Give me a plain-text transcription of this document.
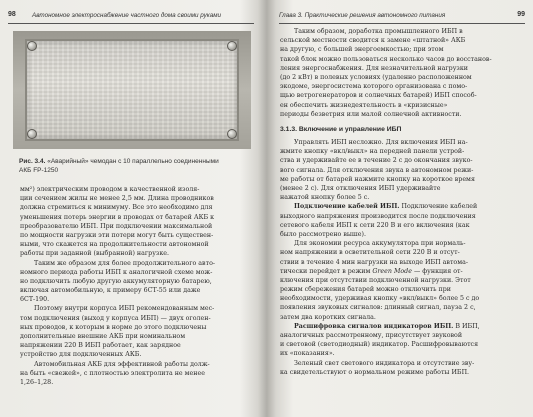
98	Автономное электроснабжение частного дома своими руками
Рис. 3.4. «Аварийный» чемодан с 10 параллельно соединенными
АКБ FP-1250
мм²) электрическим проводом в качественной изоля-
ции сечением жилы не менее 2,5 мм. Длина проводников
должна стремиться к минимуму. Все это необходимо для
уменьшения потерь энергии в проводах от батарей АКБ к
преобразователю ИБП. При подключении максимальной
по мощности нагрузки эти потери могут быть существен-
ными, что скажется на продолжительности автономной
работы при заданной (выбранной) нагрузке.
Таким же образом для более продолжительного авто-
номного периода работы ИБП к аналогичной схеме мож-
но подключить любую другую аккумуляторную батарею,
включая автомобильную, к примеру 6СТ-55 или даже
6СТ-190.
Поэтому внутри корпуса ИБП рекомендованным мес-
том подключения (выход у корпуса ИБП) — двух оголен-
ных проводов, к которым в норме до этого подключены
дополнительные внешние АКБ при номинальном
напряжении 220 В ИБП работает, как зарядное
устройство для подключенных АКБ.
Автомобильная АКБ для эффективной работы долж-
на быть «свежей», с плотностью электролита не менее
1,26–1,28.
Глава 3. Практические решения автономного питания	99
Таким образом, доработка промышленного ИБП в
сельской местности сводится к замене «штатной» АКБ
на другую, с большей энергоемкостью; при этом
такой блок можно пользоваться несколько часов до восстанов-
ления энергоснабжения. Для незначительной нагрузки
(до 2 кВт) в полевых условиях (удаленно расположенном
экодоме, энергосистема которого организована с помо-
щью ветрогенераторов и солнечных батарей) ИБП способ-
ен обеспечить жизнедеятельность в «кризисные»
периоды безветрия или малой солнечной активности.
3.1.3. Включение и управление ИБП
Управлять ИБП несложно. Для включения ИБП на-
жмите кнопку «вкл/выкл» на передней панели устрой-
ства и удерживайте ее в течение 2 с до окончания звуко-
вого сигнала. Для отключения звука в автономном режи-
ме работы от батарей нажмите кнопку на короткое время
(менее 2 с). Для отключения ИБП удерживайте
нажатой кнопку более 5 с.
Подключение кабелей ИБП. Подключение кабелей
выходного напряжения производится после подключения
сетевого кабеля ИБП к сети 220 В и его включения (как
было рассмотрено выше).
Для экономии ресурса аккумулятора при нормаль-
ном напряжении в осветительной сети 220 В и отсут-
ствии в течение 4 мин нагрузки на выходе ИБП автома-
тически перейдет в режим Green Mode — функция от-
ключения при отсутствии подключенной нагрузки. Этот
режим сбережения батарей можно отключить при
необходимости, удерживая кнопку «вкл/выкл» более 5 с до
появления звуковых сигналов: длинный сигнал, пауза 2 с,
затем два коротких сигнала.
Расшифровка сигналов индикаторов ИБП. В ИБП,
аналогичных рассмотренному, присутствует звуковой
и световой (светодиодный) индикатор. Расшифровываются
их «показания».
Зеленый свет светового индикатора и отсутствие зву-
ка свидетельствуют о нормальном режиме работы ИБП.
